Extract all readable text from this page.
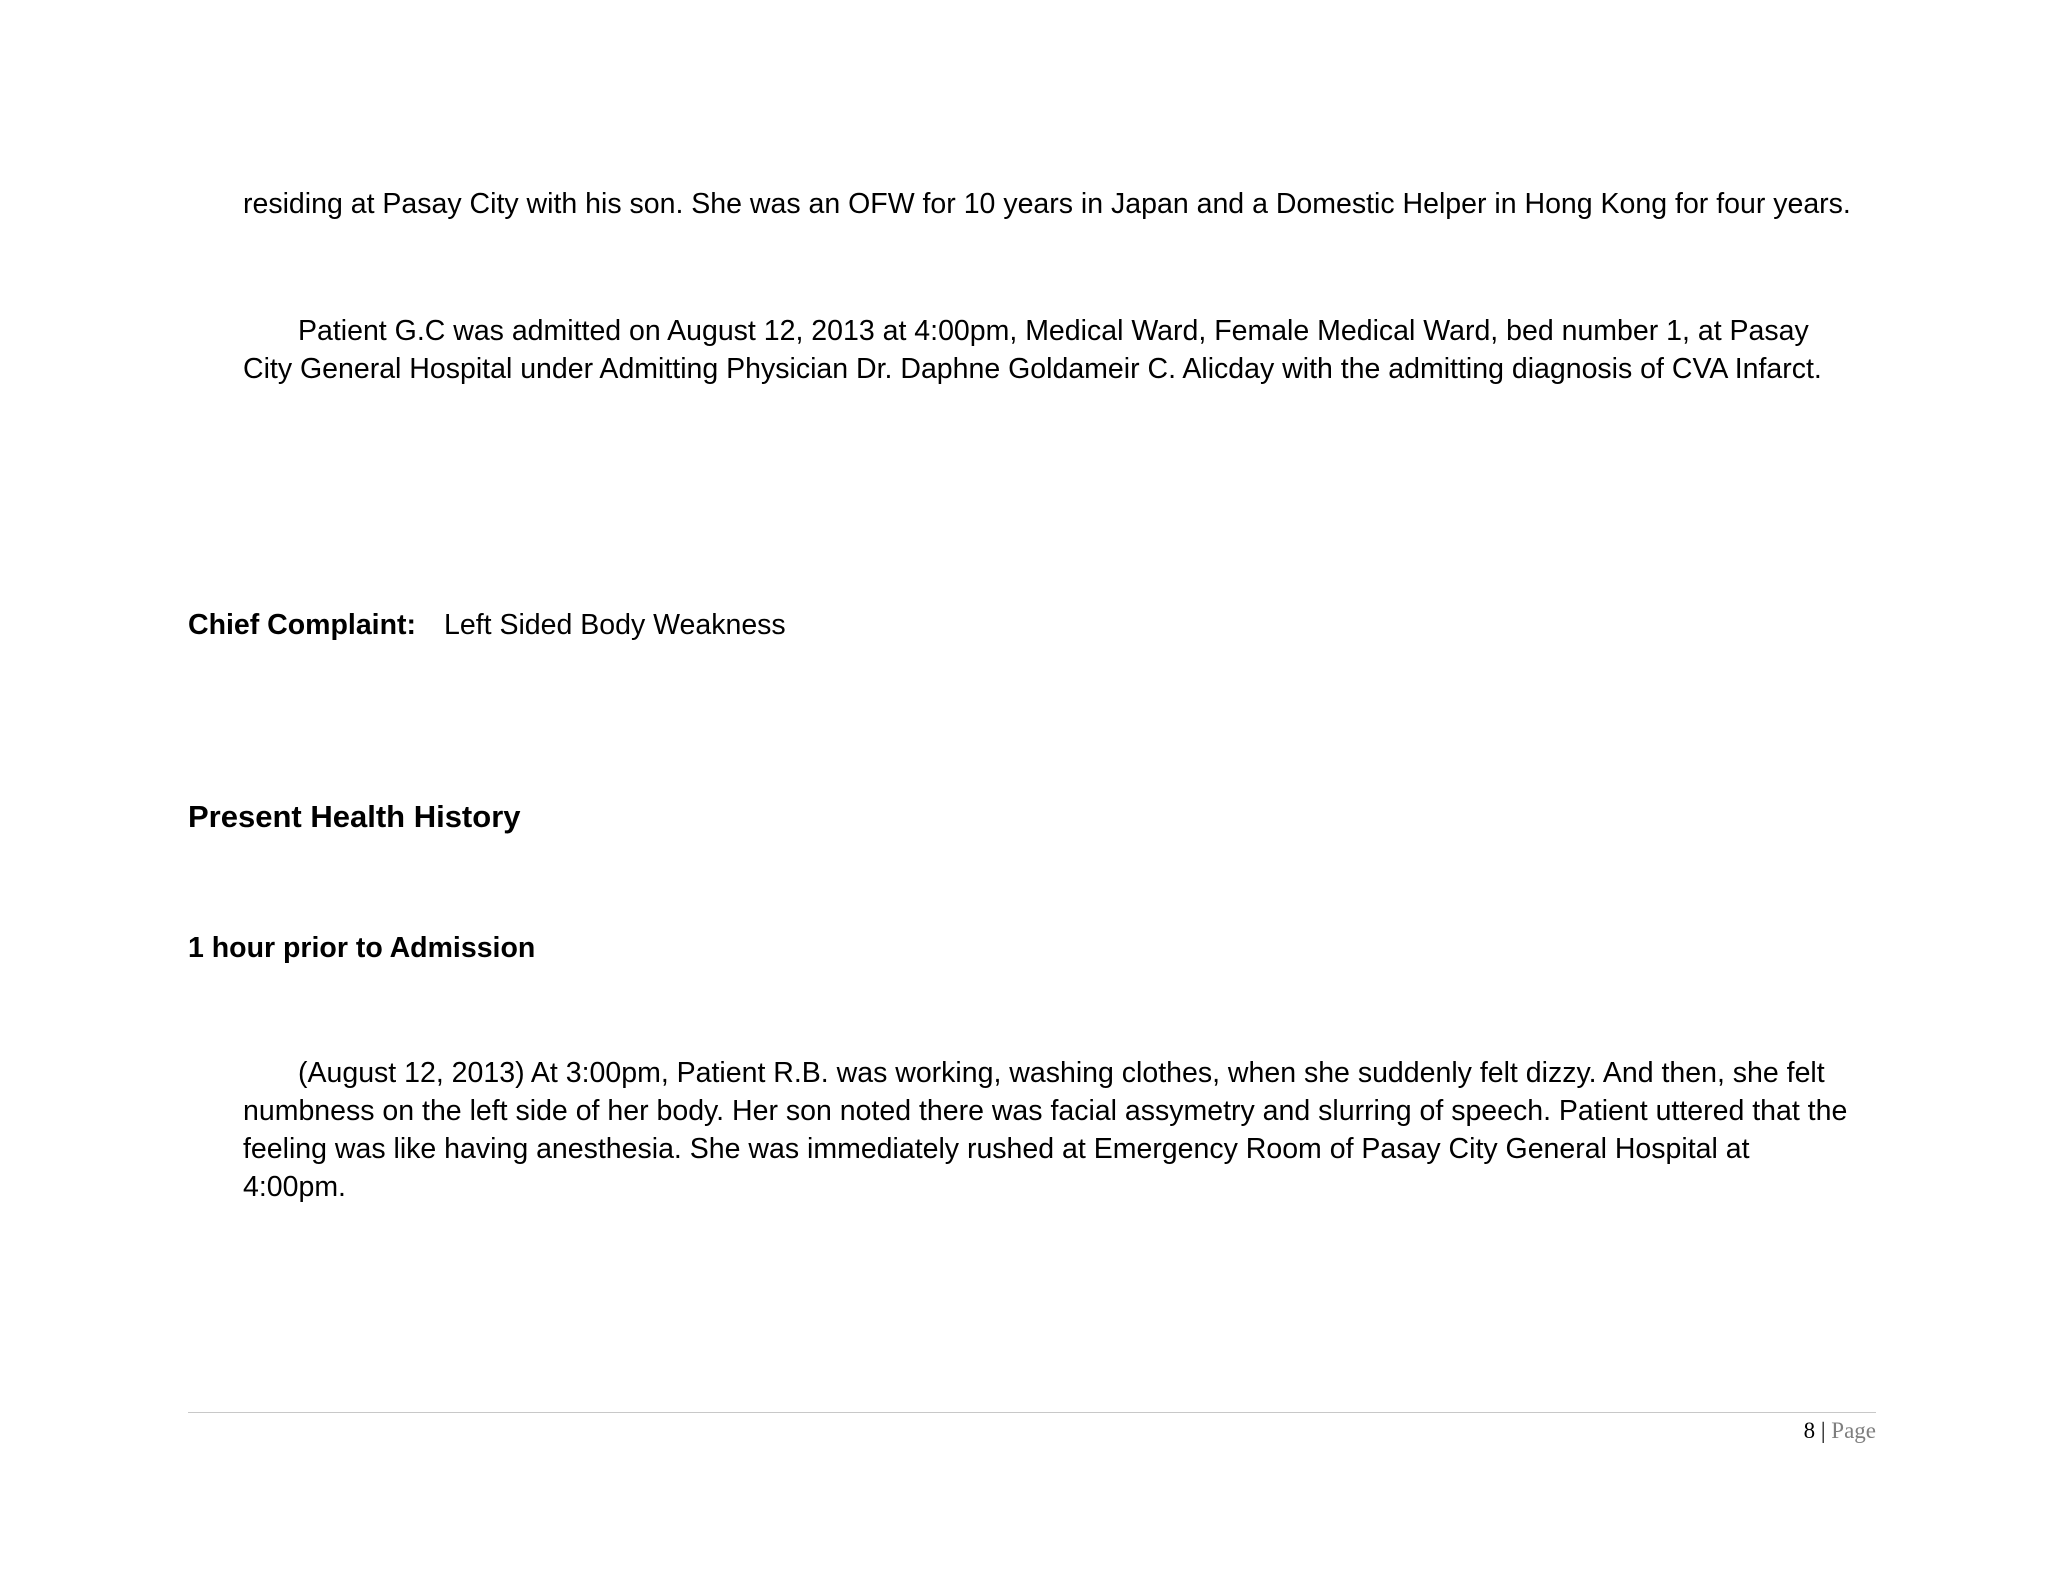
residing at Pasay City with his son. She was an OFW for 10 years in Japan and a Domestic Helper in Hong Kong for four years.
Patient G.C was admitted on August 12, 2013 at 4:00pm, Medical Ward, Female Medical Ward, bed number 1, at Pasay
City General Hospital under Admitting Physician Dr. Daphne Goldameir C. Alicday with the admitting diagnosis of CVA Infarct.
Chief Complaint: Left Sided Body Weakness
Present Health History
1 hour prior to Admission
(August 12, 2013) At 3:00pm, Patient R.B. was working, washing clothes, when she suddenly felt dizzy. And then, she felt
numbness on the left side of her body. Her son noted there was facial assymetry and slurring of speech. Patient uttered that the
feeling was like having anesthesia. She was immediately rushed at Emergency Room of Pasay City General Hospital at
4:00pm.
8 | Page
